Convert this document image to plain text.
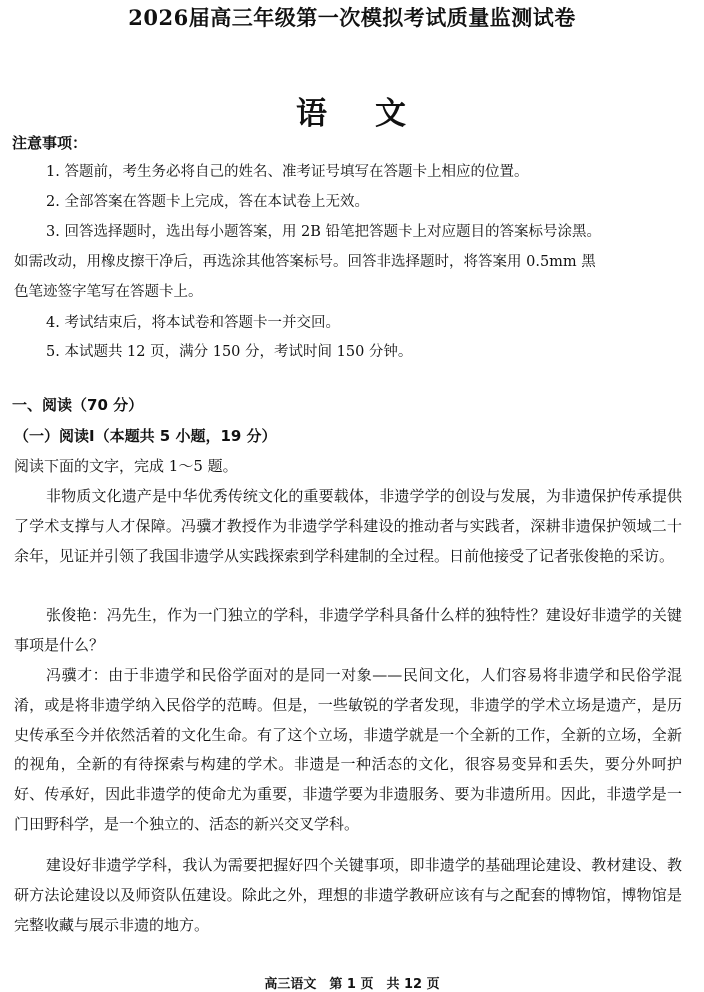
2026届高三年级第一次模拟考试质量监测试卷
语 文
注意事项：
1. 答题前，考生务必将自己的姓名、准考证号填写在答题卡上相应的位置。
2. 全部答案在答题卡上完成，答在本试卷上无效。
3. 回答选择题时，选出每小题答案，用 2B 铅笔把答题卡上对应题目的答案标号涂黑。
如需改动，用橡皮擦干净后，再选涂其他答案标号。回答非选择题时，将答案用 0.5mm 黑
色笔迹签字笔写在答题卡上。
4. 考试结束后，将本试卷和答题卡一并交回。
5. 本试题共 12 页，满分 150 分，考试时间 150 分钟。
一、阅读（70 分）
（一）阅读I（本题共 5 小题，19 分）
阅读下面的文字，完成 1～5 题。
非物质文化遗产是中华优秀传统文化的重要载体，非遗学学的创设与发展，为非遗保护传承提供了学术支撑与人才保障。冯骥才教授作为非遗学学科建设的推动者与实践者，深耕非遗保护领域二十余年，见证并引领了我国非遗学从实践探索到学科建制的全过程。日前他接受了记者张俊艳的采访。
张俊艳：冯先生，作为一门独立的学科，非遗学学科具备什么样的独特性？建设好非遗学的关键事项是什么？
冯骥才：由于非遗学和民俗学面对的是同一对象——民间文化，人们容易将非遗学和民俗学混淆，或是将非遗学纳入民俗学的范畴。但是，一些敏锐的学者发现，非遗学的学术立场是遗产，是历史传承至今并依然活着的文化生命。有了这个立场，非遗学就是一个全新的工作，全新的立场，全新的视角，全新的有待探索与构建的学术。非遗是一种活态的文化，很容易变异和丢失，要分外呵护好、传承好，因此非遗学的使命尤为重要，非遗学要为非遗服务、要为非遗所用。因此，非遗学是一门田野科学，是一个独立的、活态的新兴交叉学科。
建设好非遗学学科，我认为需要把握好四个关键事项，即非遗学的基础理论建设、教材建设、教研方法论建设以及师资队伍建设。除此之外，理想的非遗学教研应该有与之配套的博物馆，博物馆是完整收藏与展示非遗的地方。
高三语文　第 1 页　共 12 页
